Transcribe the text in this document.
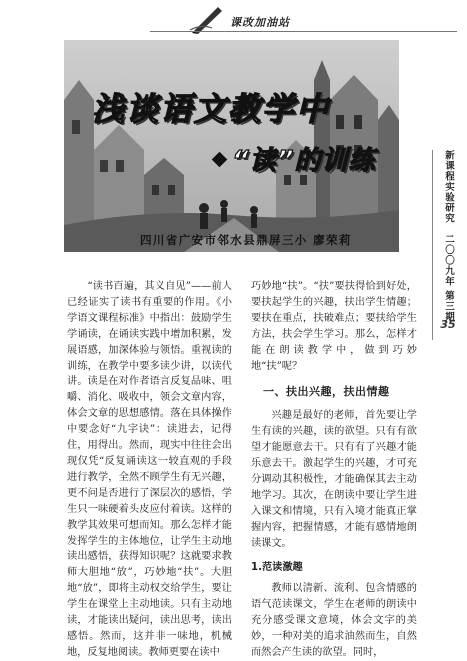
课改加油站
浅谈语文教学中
“读”的训练
四川省广安市邻水县鼎屏三小 廖荣莉
新课程实验研究
二〇〇九年 第三期
35

“读书百遍，其义自见”——前人已经证实了读书有重要的作用。《小学语文课程标准》中指出：鼓励学生学诵读，在诵读实践中增加积累，发展语感，加深体验与领悟。重视读的训练，在教学中要多读少讲，以读代讲。读是在对作者语言反复品味、咀嚼、消化、吸收中，领会文章内容，体会文章的思想感情。落在具体操作中要念好“九字诀”：读进去，记得住，用得出。然而，现实中往往会出现仅凭“反复诵读这一较直观的手段进行教学，全然不顾学生有无兴趣，更不问是否进行了深层次的感悟，学生只一味硬着头皮应付着读。这样的教学其效果可想而知。那么怎样才能发挥学生的主体地位，让学生主动地读出感悟，获得知识呢？这就要求教师大胆地“放”，巧妙地“扶”。大胆地“放”，即将主动权交给学生，要让学生在课堂上主动地读。只有主动地读，才能读出疑问，读出思考，读出感悟。然而，这并非一味地，机械地，反复地阅读。教师更要在读中

巧妙地“扶”。“扶”要扶得恰到好处，要扶起学生的兴趣，扶出学生情趣；要扶在重点，扶破难点；要扶给学生方法，扶会学生学习。那么，怎样才能在朗读教学中，做到巧妙地“扶”呢？

一、扶出兴趣，扶出情趣

兴趣是最好的老师，首先要让学生有读的兴趣，读的欲望。只有有欲望才能愿意去干。只有有了兴趣才能乐意去干。激起学生的兴趣，才可充分调动其积极性，才能确保其去主动地学习。其次，在朗读中要让学生进入课文和情境，只有入境才能真正掌握内容，把握情感，才能有感情地朗读课文。

1.范读激趣

教师以清新、流利、包含情感的语气范读课文，学生在老师的朗读中充分感受课文意境，体会文字的美妙，一种对美的追求油然而生，自然而然会产生读的欲望。同时，
